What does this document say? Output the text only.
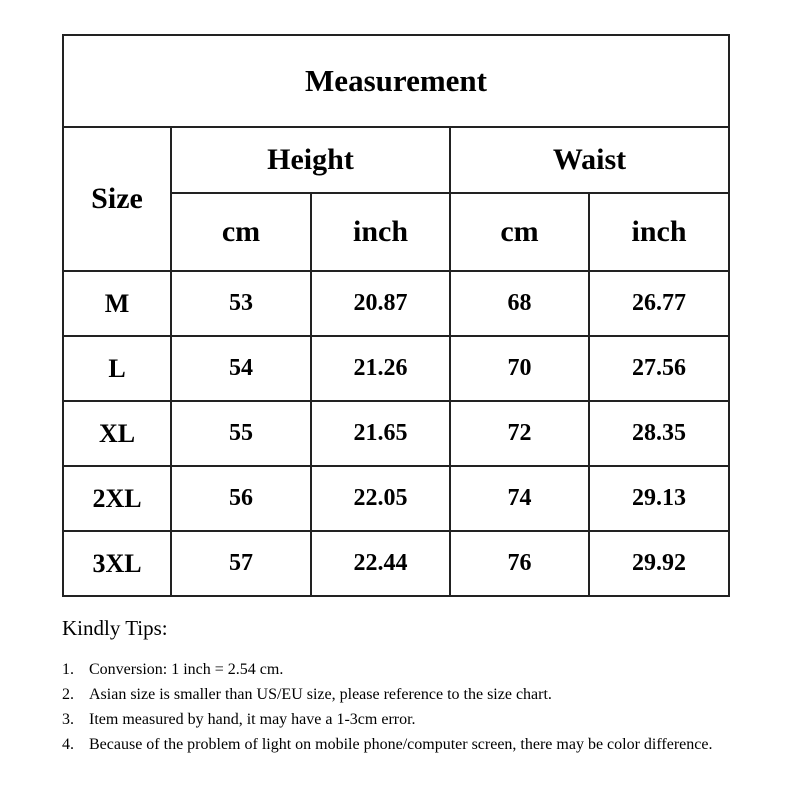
Measurement				
Size	Height		Waist	
	cm	inch	cm	inch
M	53	20.87	68	26.77
L	54	21.26	70	27.56
XL	55	21.65	72	28.35
2XL	56	22.05	74	29.13
3XL	57	22.44	76	29.92
Kindly Tips:
1. Conversion: 1 inch = 2.54 cm.
2. Asian size is smaller than US/EU size, please reference to the size chart.
3. Item measured by hand, it may have a 1-3cm error.
4. Because of the problem of light on mobile phone/computer screen, there may be color difference.
